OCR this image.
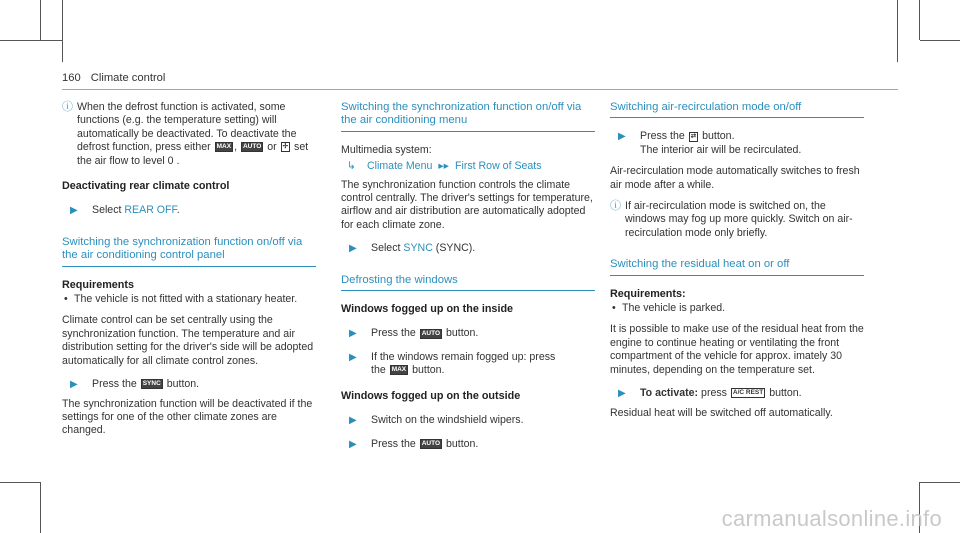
160 Climate control
ⓘ When the defrost function is activated, some functions (e.g. the temperature setting) will automatically be deactivated. To deactivate the defrost function, press either MAX , AUTO or ✢ set the air flow to level 0 .

Deactivating rear climate control
▶	Select REAR OFF.

Switching the synchronization function on/off via the air conditioning control panel
Requirements
• The vehicle is not fitted with a stationary heater.

Climate control can be set centrally using the synchronization function. The temperature and air distribution setting for the driver's side will be adopted automatically for all climate control zones.

▶	Press the SYNC button.

The synchronization function will be deactivated if the settings for one of the other climate zones are changed.

Switching the synchronization function on/off via the air conditioning menu

Multimedia system:

↳	Climate Menu ▸▸ First Row of Seats

The synchronization function controls the climate control centrally. The driver's settings for temperature, airflow and air distribution are automatically adopted for each climate zone.

▶	Select SYNC (SYNC).

Defrosting the windows
Windows fogged up on the inside
▶	Press the AUTO button.

▶	If the windows remain fogged up: press
the MAX button.

Windows fogged up on the outside
▶	Switch on the windshield wipers.

▶	Press the AUTO button.

Switching air-recirculation mode on/off
▶	Press the ⇄ button.
The interior air will be recirculated.

Air-recirculation mode automatically switches to fresh air mode after a while.

ⓘ If air-recirculation mode is switched on, the windows may fog up more quickly. Switch on air-recirculation mode only briefly.

Switching the residual heat on or off
Requirements:
• The vehicle is parked.

It is possible to make use of the residual heat from the engine to continue heating or ventilating the front compartment of the vehicle for approx. imately 30 minutes, depending on the temperature set.

▶	To activate: press A/C REST button.

Residual heat will be switched off automatically.

carmanualsonline.info
